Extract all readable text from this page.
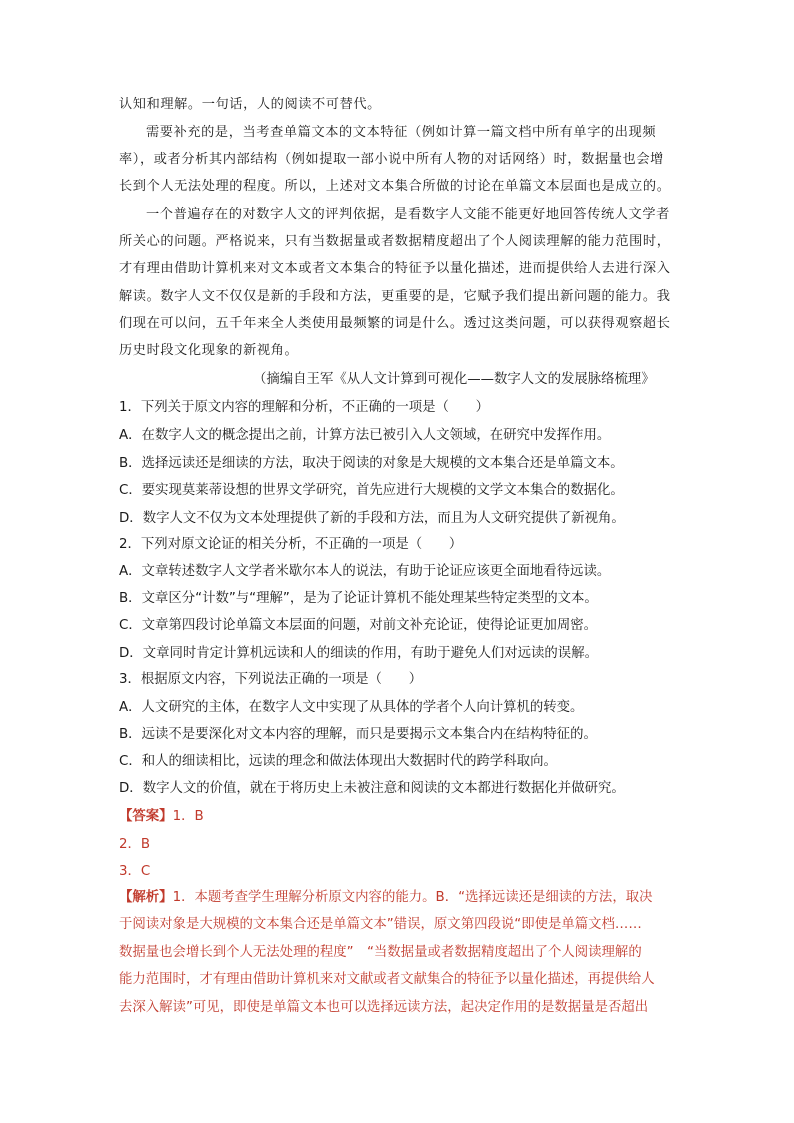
认知和理解。一句话，人的阅读不可替代。
需要补充的是，当考查单篇文本的文本特征（例如计算一篇文档中所有单字的出现频
率），或者分析其内部结构（例如提取一部小说中所有人物的对话网络）时，数据量也会增
长到个人无法处理的程度。所以，上述对文本集合所做的讨论在单篇文本层面也是成立的。
一个普遍存在的对数字人文的评判依据，是看数字人文能不能更好地回答传统人文学者
所关心的问题。严格说来，只有当数据量或者数据精度超出了个人阅读理解的能力范围时，
才有理由借助计算机来对文本或者文本集合的特征予以量化描述，进而提供给人去进行深入
解读。数字人文不仅仅是新的手段和方法，更重要的是，它赋予我们提出新问题的能力。我
们现在可以问，五千年来全人类使用最频繁的词是什么。透过这类问题，可以获得观察超长
历史时段文化现象的新视角。
（摘编自王军《从人文计算到可视化——数字人文的发展脉络梳理》
1．下列关于原文内容的理解和分析，不正确的一项是（　　）
A．在数字人文的概念提出之前，计算方法已被引入人文领域，在研究中发挥作用。
B．选择远读还是细读的方法，取决于阅读的对象是大规模的文本集合还是单篇文本。
C．要实现莫莱蒂设想的世界文学研究，首先应进行大规模的文学文本集合的数据化。
D．数字人文不仅为文本处理提供了新的手段和方法，而且为人文研究提供了新视角。
2．下列对原文论证的相关分析，不正确的一项是（　　）
A．文章转述数字人文学者米歇尔本人的说法，有助于论证应该更全面地看待远读。
B．文章区分“计数”与“理解”，是为了论证计算机不能处理某些特定类型的文本。
C．文章第四段讨论单篇文本层面的问题，对前文补充论证，使得论证更加周密。
D．文章同时肯定计算机远读和人的细读的作用，有助于避免人们对远读的误解。
3．根据原文内容，下列说法正确的一项是（　　）
A．人文研究的主体，在数字人文中实现了从具体的学者个人向计算机的转变。
B．远读不是要深化对文本内容的理解，而只是要揭示文本集合内在结构特征的。
C．和人的细读相比，远读的理念和做法体现出大数据时代的跨学科取向。
D．数字人文的价值，就在于将历史上未被注意和阅读的文本都进行数据化并做研究。
【答案】1．B
2．B
3．C
【解析】1．本题考查学生理解分析原文内容的能力。B．“选择远读还是细读的方法，取决
于阅读对象是大规模的文本集合还是单篇文本”错误，原文第四段说“即使是单篇文档……
数据量也会增长到个人无法处理的程度”　“当数据量或者数据精度超出了个人阅读理解的
能力范围时，才有理由借助计算机来对文献或者文献集合的特征予以量化描述，再提供给人
去深入解读”可见，即使是单篇文本也可以选择远读方法，起决定作用的是数据量是否超出
